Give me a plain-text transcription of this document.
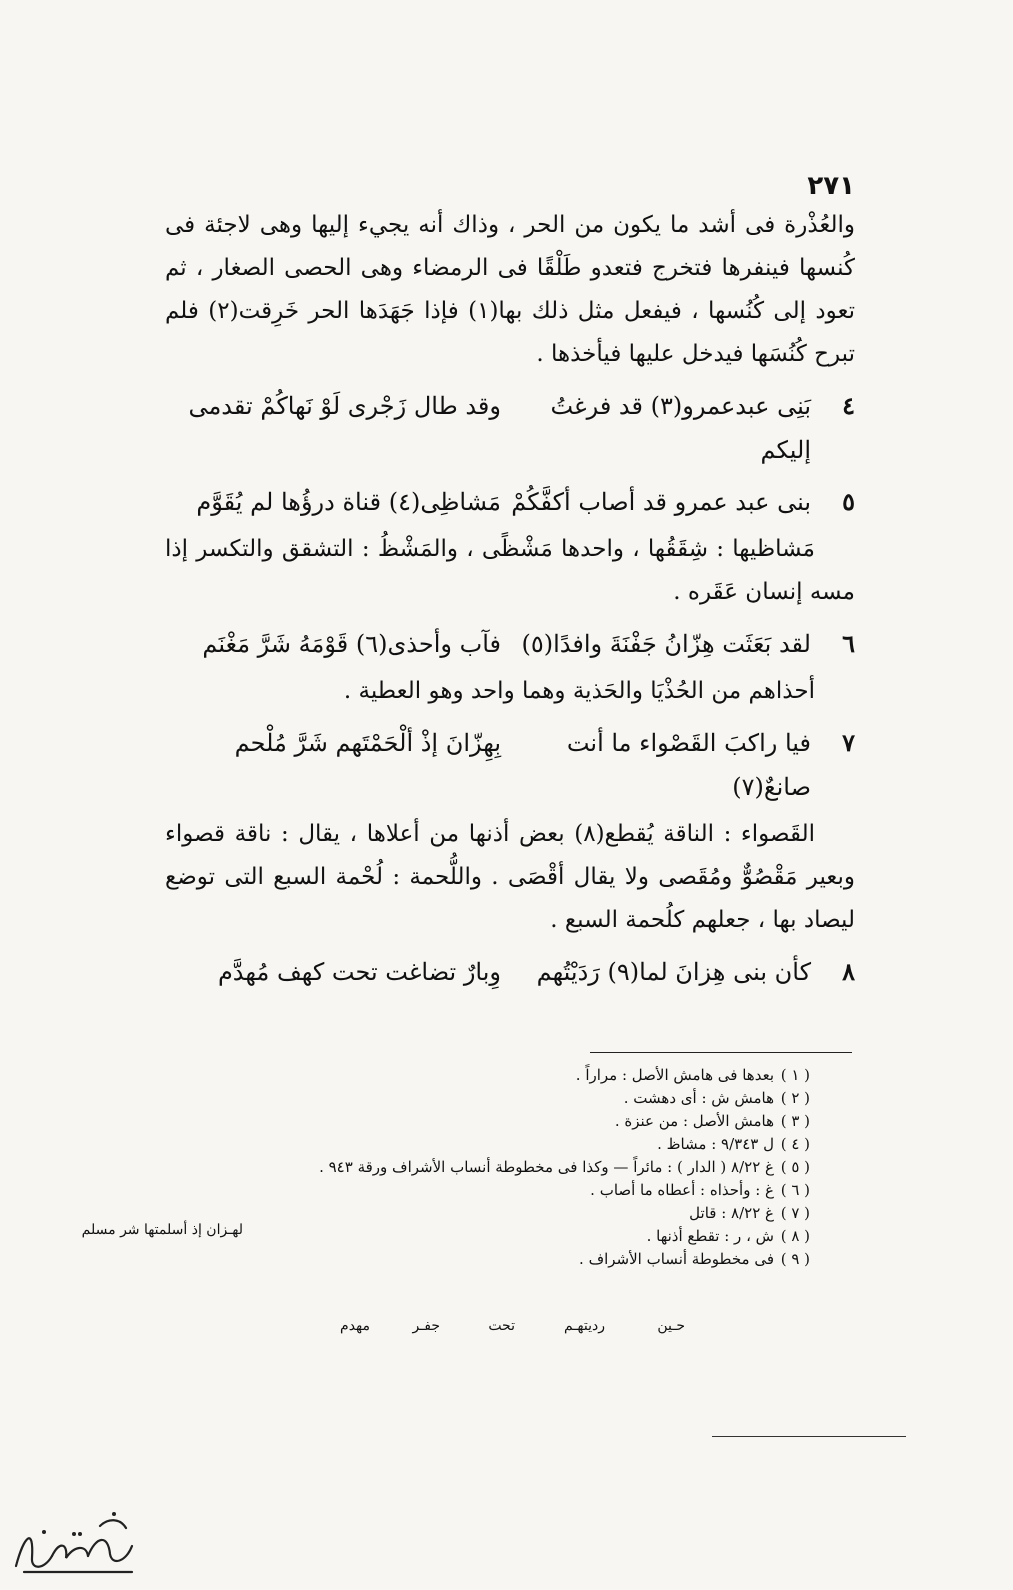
٢٧١

والعُذْرة فى أشد ما يكون من الحر ، وذاك أنه يجيء إليها وهى لاجئة فى كُنسها فينفرها فتخرج فتعدو طَلْقًا فى الرمضاء وهى الحصى الصغار ، ثم تعود إلى كُنُسها ، فيفعل مثل ذلك بها(١) فإذا جَهَدَها الحر خَرِقت(٢) فلم تبرح كُنُسَها فيدخل عليها فيأخذها .

٤
بَنِى عبدعمرو(٣) قد فرغتُ إليكم
وقد طال زَجْرى لَوْ نَهاكُمْ تقدمى
٥
بنى عبد عمرو قد أصاب أكفَّكُمْ
مَشاظِى(٤) قناة درؤُها لم يُقَوَّم

مَشاظيها : شِقَقُها ، واحدها مَشْظًى ، والمَشْظُ : التشقق والتكسر إذا مسه إنسان عَقَره .

٦
لقد بَعَثَت هِزّانُ جَفْنَةَ وافدًا(٥)
فآب وأحذى(٦) قَوْمَهُ شَرَّ مَغْنَم

أحذاهم من الحُذْيَا والحَذية وهما واحد وهو العطية .

٧
فيا راكبَ القَصْواء ما أنت صانعٌ(٧)
بِهِزّانَ إذْ ألْحَمْتَهم شَرَّ مُلْحم

القَصواء : الناقة يُقطع(٨) بعض أذنها من أعلاها ، يقال : ناقة قصواء وبعير مَقْصُوٌّ ومُقَصى ولا يقال أقْصَى . واللُّحمة : لُحْمة السبع التى توضع ليصاد بها ، جعلهم كلُحمة السبع .

٨
كأن بنى هِزانَ لما(٩) رَدَيْتُهم
وِبارٌ تضاغت تحت كهف مُهدَّم
( ١ )بعدها فى هامش الأصل : مراراً .
( ٢ )هامش ش : أى دهشت .
( ٣ )هامش الأصل : من عنزة .
( ٤ )ل ٩/٣٤٣ : مشاظ .
( ٥ )غ ٨/٢٢ ( الدار ) : مائراً — وكذا فى مخطوطة أنساب الأشراف ورقة ٩٤٣ .
( ٦ )غ : وأحذاه : أعطاه ما أصاب .
( ٧ )غ ٨/٢٢ : قاتل
( ٨ )ش ، ر : تقطع أذنها .
( ٩ )فى مخطوطة أنساب الأشراف .
لهـزان إذ أسلمتها شر مسلم
حـين
رديتهـم
تحت
جفـر
مهدم
